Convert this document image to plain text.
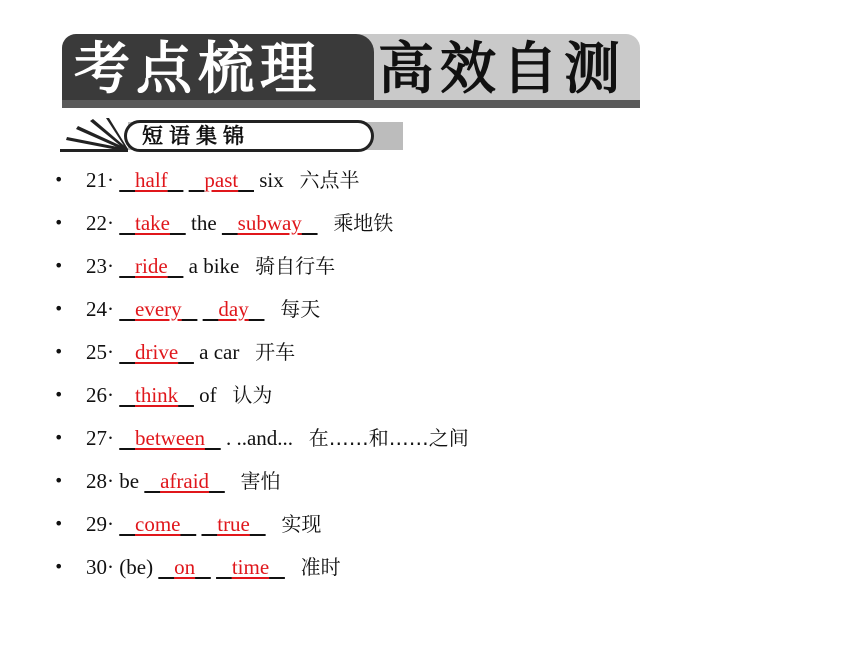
考点梳理 高效自测
短语集锦
• 21· half past six 六点半
• 22· take the subway 乘地铁
• 23· ride a bike 骑自行车
• 24· every day 每天
• 25· drive a car 开车
• 26· think of 认为
• 27· between . ..and... 在……和……之间
• 28· be afraid 害怕
• 29· come true 实现
• 30· (be) on time 准时
